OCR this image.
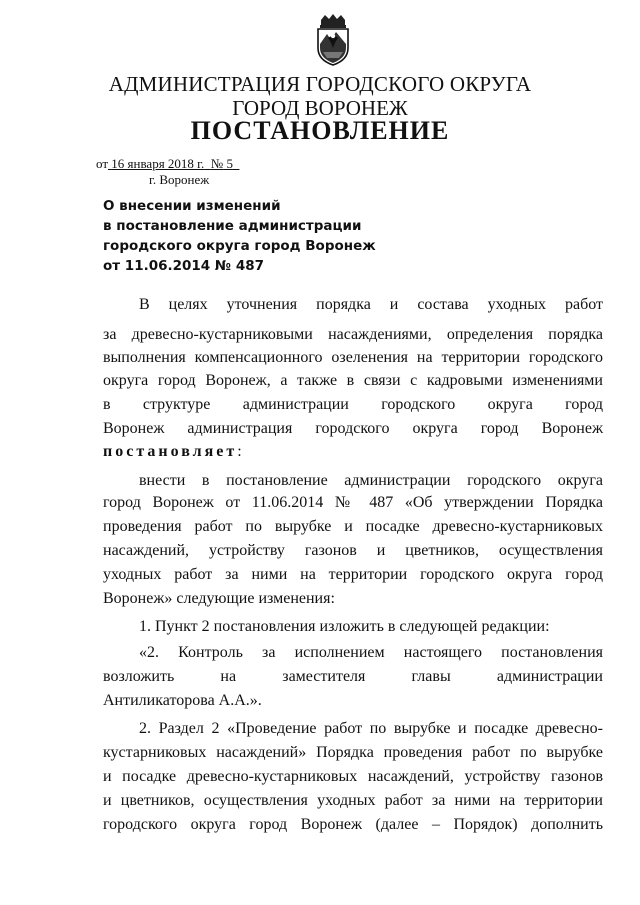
АДМИНИСТРАЦИЯ ГОРОДСКОГО ОКРУГА
ГОРОД ВОРОНЕЖ
ПОСТАНОВЛЕНИЕ
от 16 января 2018 г. № 5
г. Воронеж
О внесении изменений
в постановление администрации
городского округа город Воронеж
от 11.06.2014 № 487
В целях уточнения порядка и состава уходных работ
за древесно-кустарниковыми насаждениями, определения порядка
выполнения компенсационного озеленения на территории городского
округа город Воронеж, а также в связи с кадровыми изменениями
в структуре администрации городского округа город
Воронеж администрация городского округа город Воронеж
постановляет:
внести в постановление администрации городского округа
город Воронеж от 11.06.2014 № 487 «Об утверждении Порядка
проведения работ по вырубке и посадке древесно-кустарниковых
насаждений, устройству газонов и цветников, осуществления
уходных работ за ними на территории городского округа город
Воронеж» следующие изменения:
1. Пункт 2 постановления изложить в следующей редакции:
«2. Контроль за исполнением настоящего постановления
возложить на заместителя главы администрации
Антиликаторова А.А.».
2. Раздел 2 «Проведение работ по вырубке и посадке древесно-
кустарниковых насаждений» Порядка проведения работ по вырубке
и посадке древесно-кустарниковых насаждений, устройству газонов
и цветников, осуществления уходных работ за ними на территории
городского округа город Воронеж (далее – Порядок) дополнить
